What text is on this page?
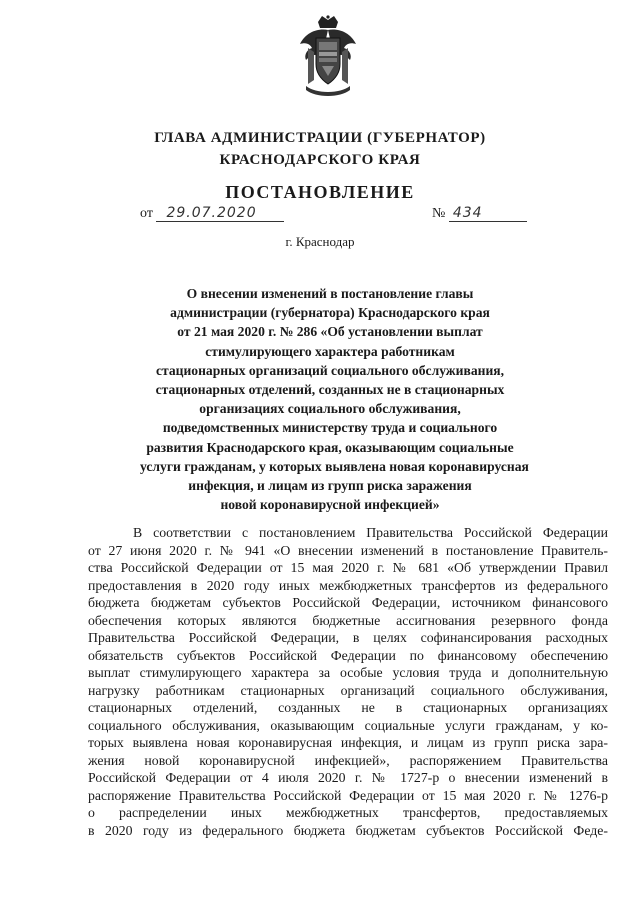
ГЛАВА АДМИНИСТРАЦИИ (ГУБЕРНАТОР)
КРАСНОДАРСКОГО КРАЯ
ПОСТАНОВЛЕНИЕ
от 29.07.2020	№ 434
г. Краснодар
О внесении изменений в постановление главы
администрации (губернатора) Краснодарского края
от 21 мая 2020 г. № 286 «Об установлении выплат
стимулирующего характера работникам
стационарных организаций социального обслуживания,
стационарных отделений, созданных не в стационарных
организациях социального обслуживания,
подведомственных министерству труда и социального
развития Краснодарского края, оказывающим социальные
услуги гражданам, у которых выявлена новая коронавирусная
инфекция, и лицам из групп риска заражения
новой коронавирусной инфекцией»
В соответствии с постановлением Правительства Российской Федерации
от 27 июня 2020 г. № 941 «О внесении изменений в постановление Правитель-
ства Российской Федерации от 15 мая 2020 г. № 681 «Об утверждении Правил
предоставления в 2020 году иных межбюджетных трансфертов из федерального
бюджета бюджетам субъектов Российской Федерации, источником финансового
обеспечения которых являются бюджетные ассигнования резервного фонда
Правительства Российской Федерации, в целях софинансирования расходных
обязательств субъектов Российской Федерации по финансовому обеспечению
выплат стимулирующего характера за особые условия труда и дополнительную
нагрузку работникам стационарных организаций социального обслуживания,
стационарных отделений, созданных не в стационарных организациях
социального обслуживания, оказывающим социальные услуги гражданам, у ко-
торых выявлена новая коронавирусная инфекция, и лицам из групп риска зара-
жения новой коронавирусной инфекцией», распоряжением Правительства
Российской Федерации от 4 июля 2020 г. № 1727-р о внесении изменений в
распоряжение Правительства Российской Федерации от 15 мая 2020 г. № 1276-р
о распределении иных межбюджетных трансфертов, предоставляемых
в 2020 году из федерального бюджета бюджетам субъектов Российской Феде-
